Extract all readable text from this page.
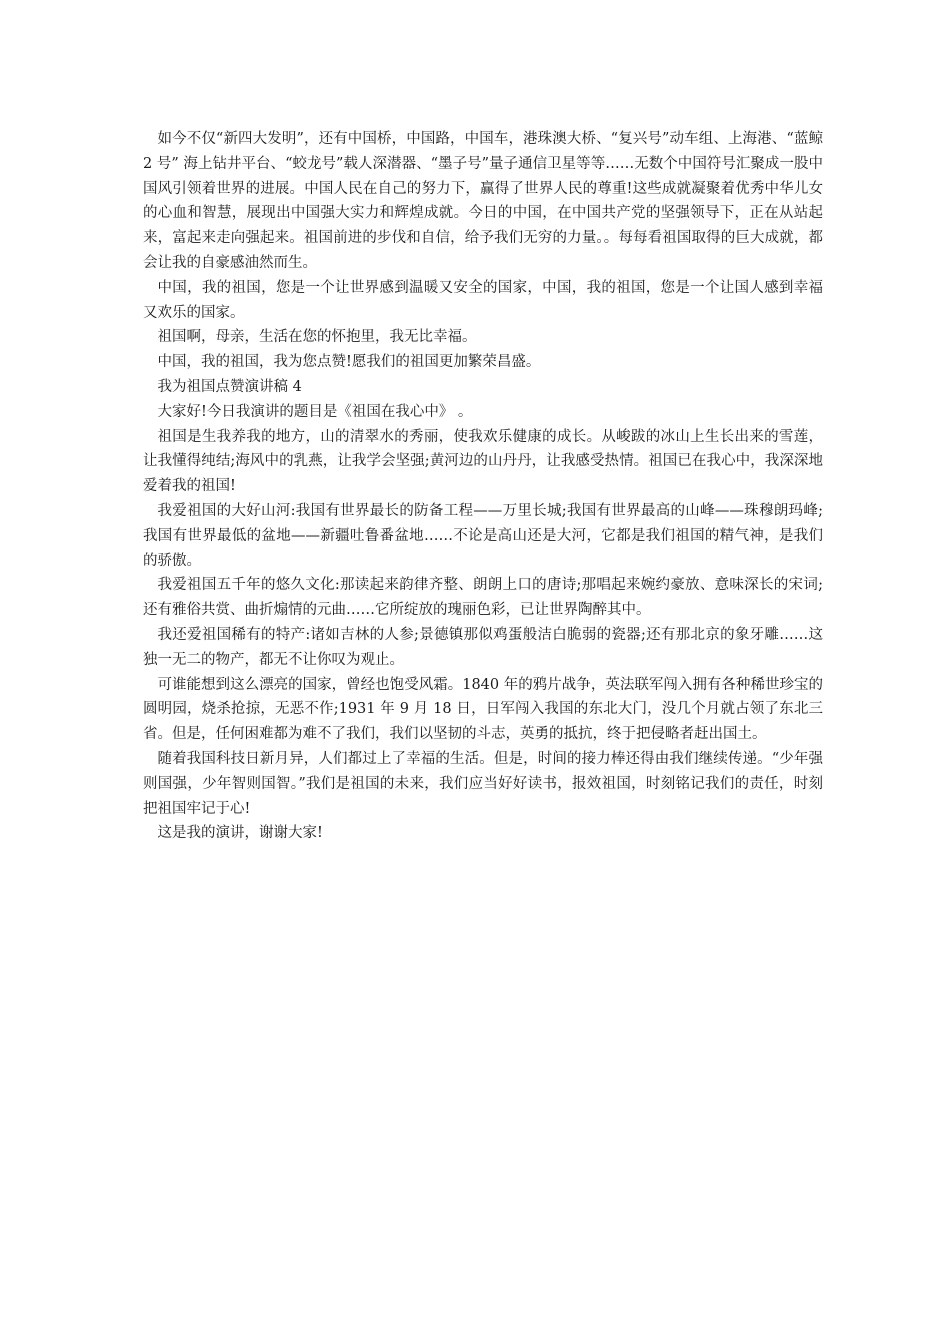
如今不仅“新四大发明”，还有中国桥，中国路，中国车，港珠澳大桥、“复兴号”动车组、上海港、“蓝鲸 2 号” 海上钻井平台、“蛟龙号”载人深潜器、“墨子号”量子通信卫星等等……无数个中国符号汇聚成一股中国风引领着世界的进展。中国人民在自己的努力下，赢得了世界人民的尊重!这些成就凝聚着优秀中华儿女的心血和智慧，展现出中国强大实力和辉煌成就。今日的中国，在中国共产党的坚强领导下，正在从站起来，富起来走向强起来。祖国前进的步伐和自信，给予我们无穷的力量。。每每看祖国取得的巨大成就，都会让我的自豪感油然而生。

中国，我的祖国，您是一个让世界感到温暖又安全的国家，中国，我的祖国，您是一个让国人感到幸福又欢乐的国家。

祖国啊，母亲，生活在您的怀抱里，我无比幸福。

中国，我的祖国，我为您点赞!愿我们的祖国更加繁荣昌盛。

我为祖国点赞演讲稿 4

大家好!今日我演讲的题目是《祖国在我心中》 。

祖国是生我养我的地方，山的清翠水的秀丽，使我欢乐健康的成长。从峻跋的冰山上生长出来的雪莲，让我懂得纯结;海风中的乳燕，让我学会坚强;黄河边的山丹丹，让我感受热情。祖国已在我心中，我深深地爱着我的祖国!

我爱祖国的大好山河:我国有世界最长的防备工程——万里长城;我国有世界最高的山峰——珠穆朗玛峰;我国有世界最低的盆地——新疆吐鲁番盆地……不论是高山还是大河，它都是我们祖国的精气神，是我们的骄傲。

我爱祖国五千年的悠久文化:那读起来韵律齐整、朗朗上口的唐诗;那唱起来婉约豪放、意味深长的宋词;还有雅俗共赏、曲折煽情的元曲……它所绽放的瑰丽色彩，已让世界陶醉其中。

我还爱祖国稀有的特产:诸如吉林的人参;景德镇那似鸡蛋般洁白脆弱的瓷器;还有那北京的象牙雕……这独一无二的物产，都无不让你叹为观止。

可谁能想到这么漂亮的国家，曾经也饱受风霜。1840 年的鸦片战争，英法联军闯入拥有各种稀世珍宝的圆明园，烧杀抢掠，无恶不作;1931 年 9 月 18 日，日军闯入我国的东北大门，没几个月就占领了东北三省。但是，任何困难都为难不了我们，我们以坚韧的斗志，英勇的抵抗，终于把侵略者赶出国土。

随着我国科技日新月异，人们都过上了幸福的生活。但是，时间的接力棒还得由我们继续传递。“少年强则国强，少年智则国智。”我们是祖国的未来，我们应当好好读书，报效祖国，时刻铭记我们的责任，时刻把祖国牢记于心!

这是我的演讲，谢谢大家!
